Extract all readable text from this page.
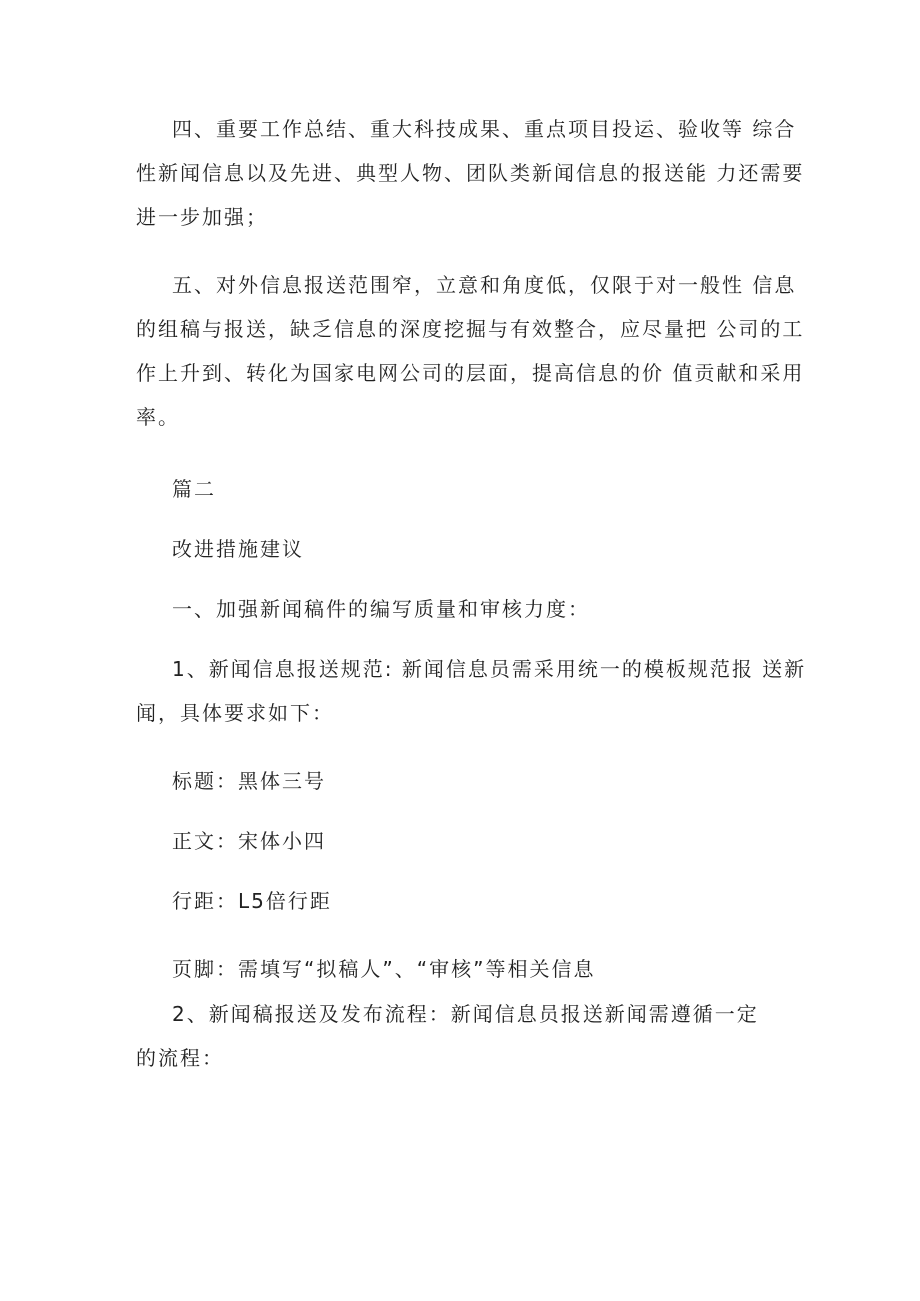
四、重要工作总结、重大科技成果、重点项目投运、验收等 综合
性新闻信息以及先进、典型人物、团队类新闻信息的报送能 力还需要
进一步加强；
五、对外信息报送范围窄，立意和角度低，仅限于对一般性 信息
的组稿与报送，缺乏信息的深度挖掘与有效整合，应尽量把 公司的工
作上升到、转化为国家电网公司的层面，提高信息的价 值贡献和采用
率。
篇二
改进措施建议
一、加强新闻稿件的编写质量和审核力度：
1、新闻信息报送规范: 新闻信息员需采用统一的模板规范报 送新
闻，具体要求如下：
标题：黑体三号
正文：宋体小四
行距：L5倍行距
页脚：需填写“拟稿人”、“审核”等相关信息
2、新闻稿报送及发布流程：新闻信息员报送新闻需遵循一定
的流程：
